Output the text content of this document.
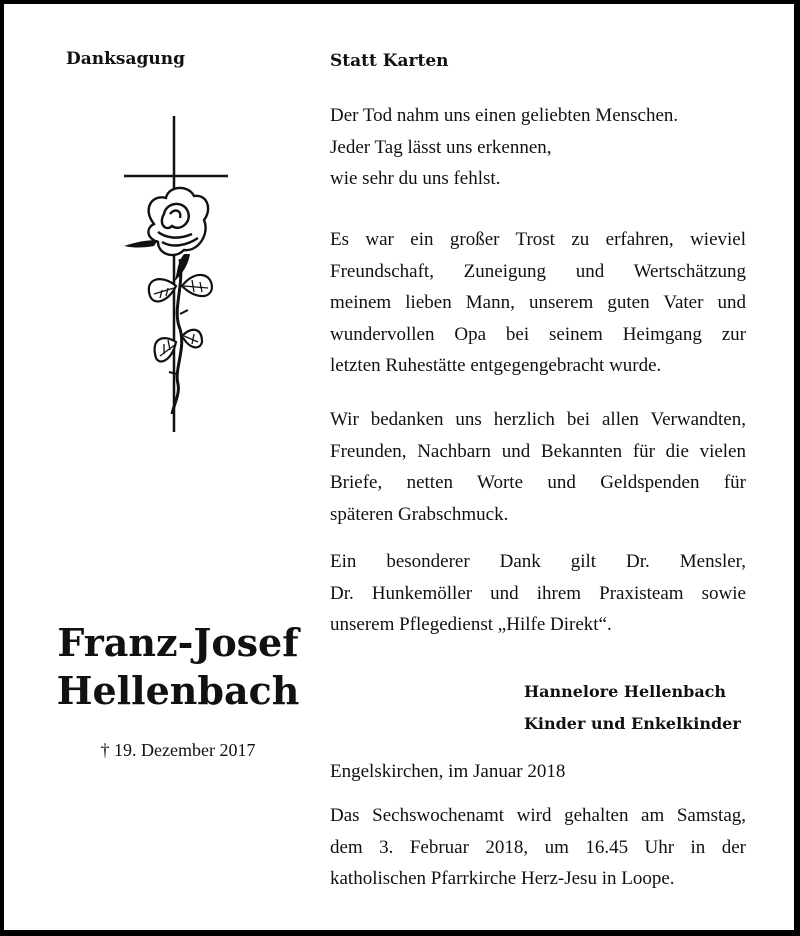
Danksagung	Statt Karten
Franz-Josef
Hellenbach
† 19. Dezember 2017
Der Tod nahm uns einen geliebten Menschen.
Jeder Tag lässt uns erkennen,
wie sehr du uns fehlst.
Es war ein großer Trost zu erfahren, wieviel
Freundschaft, Zuneigung und Wertschätzung
meinem lieben Mann, unserem guten Vater und
wundervollen Opa bei seinem Heimgang zur
letzten Ruhestätte entgegengebracht wurde.
Wir bedanken uns herzlich bei allen Verwandten,
Freunden, Nachbarn und Bekannten für die vielen
Briefe, netten Worte und Geldspenden für
späteren Grabschmuck.
Ein besonderer Dank gilt Dr. Mensler,
Dr. Hunkemöller und ihrem Praxisteam sowie
unserem Pflegedienst „Hilfe Direkt“.
Hannelore Hellenbach
Kinder und Enkelkinder
Engelskirchen, im Januar 2018
Das Sechswochenamt wird gehalten am Samstag,
dem 3. Februar 2018, um 16.45 Uhr in der
katholischen Pfarrkirche Herz-Jesu in Loope.
